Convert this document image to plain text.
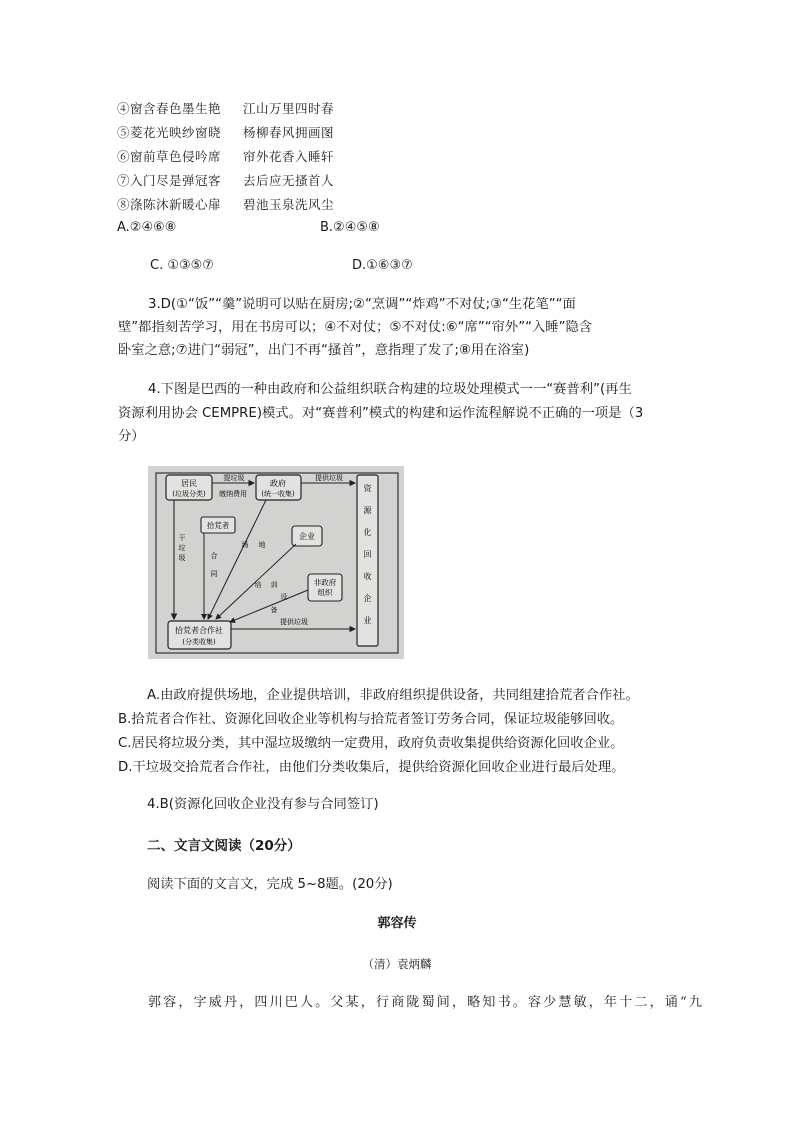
④窗含春色墨生艳 江山万里四时春
⑤菱花光映纱窗晓 杨柳春风拥画图
⑥窗前草色侵吟席 帘外花香入睡轩
⑦入门尽是弹冠客 去后应无搔首人
⑧涤陈沐新暖心扉 碧池玉泉洗风尘
A.②④⑥⑧	B.②④⑤⑧
C. ①③⑤⑦	D.①⑥③⑦
3.D(①“饭”“羹”说明可以贴在厨房;②“烹调”“炸鸡”不对仗;③“生花笔”“面
壁”都指刻苦学习，用在书房可以；④不对仗；⑤不对仗:⑥“席”“帘外”“入睡”隐含
卧室之意;⑦进门“弱冠”，出门不再“搔首”，意指理了发了;⑧用在浴室)
4.下图是巴西的一种由政府和公益组织联合构建的垃圾处理模式一一“赛普利”(再生
资源利用协会 CEMPRE)模式。对“赛普利”模式的构建和运作流程解说不正确的一项是（3
分）
居民
(垃圾分类)
政府
(统一收集)
拾荒者
企业
非政府
组织
拾荒者合作社
(分类收集)
资
源
化
回
收
企
业
提垃圾
缴纳费用
提供垃圾
提供垃圾
干
垃
圾	合
同
场 地
培 训
设
备
A.由政府提供场地，企业提供培训，非政府组织提供设备，共同组建拾荒者合作社。
B.拾荒者合作社、资源化回收企业等机构与拾荒者签订劳务合同，保证垃圾能够回收。
C.居民将垃圾分类，其中湿垃圾缴纳一定费用，政府负责收集提供给资源化回收企业。
D.干垃圾交拾荒者合作社，由他们分类收集后，提供给资源化回收企业进行最后处理。
4.B(资源化回收企业没有参与合同签订)
二、文言文阅读（20分）
阅读下面的文言文，完成 5~8题。(20分)
郭容传
（清）袁炳麟
郭容，字威丹，四川巴人。父某，行商陇蜀间，略知书。容少慧敏，年十二，诵“九
